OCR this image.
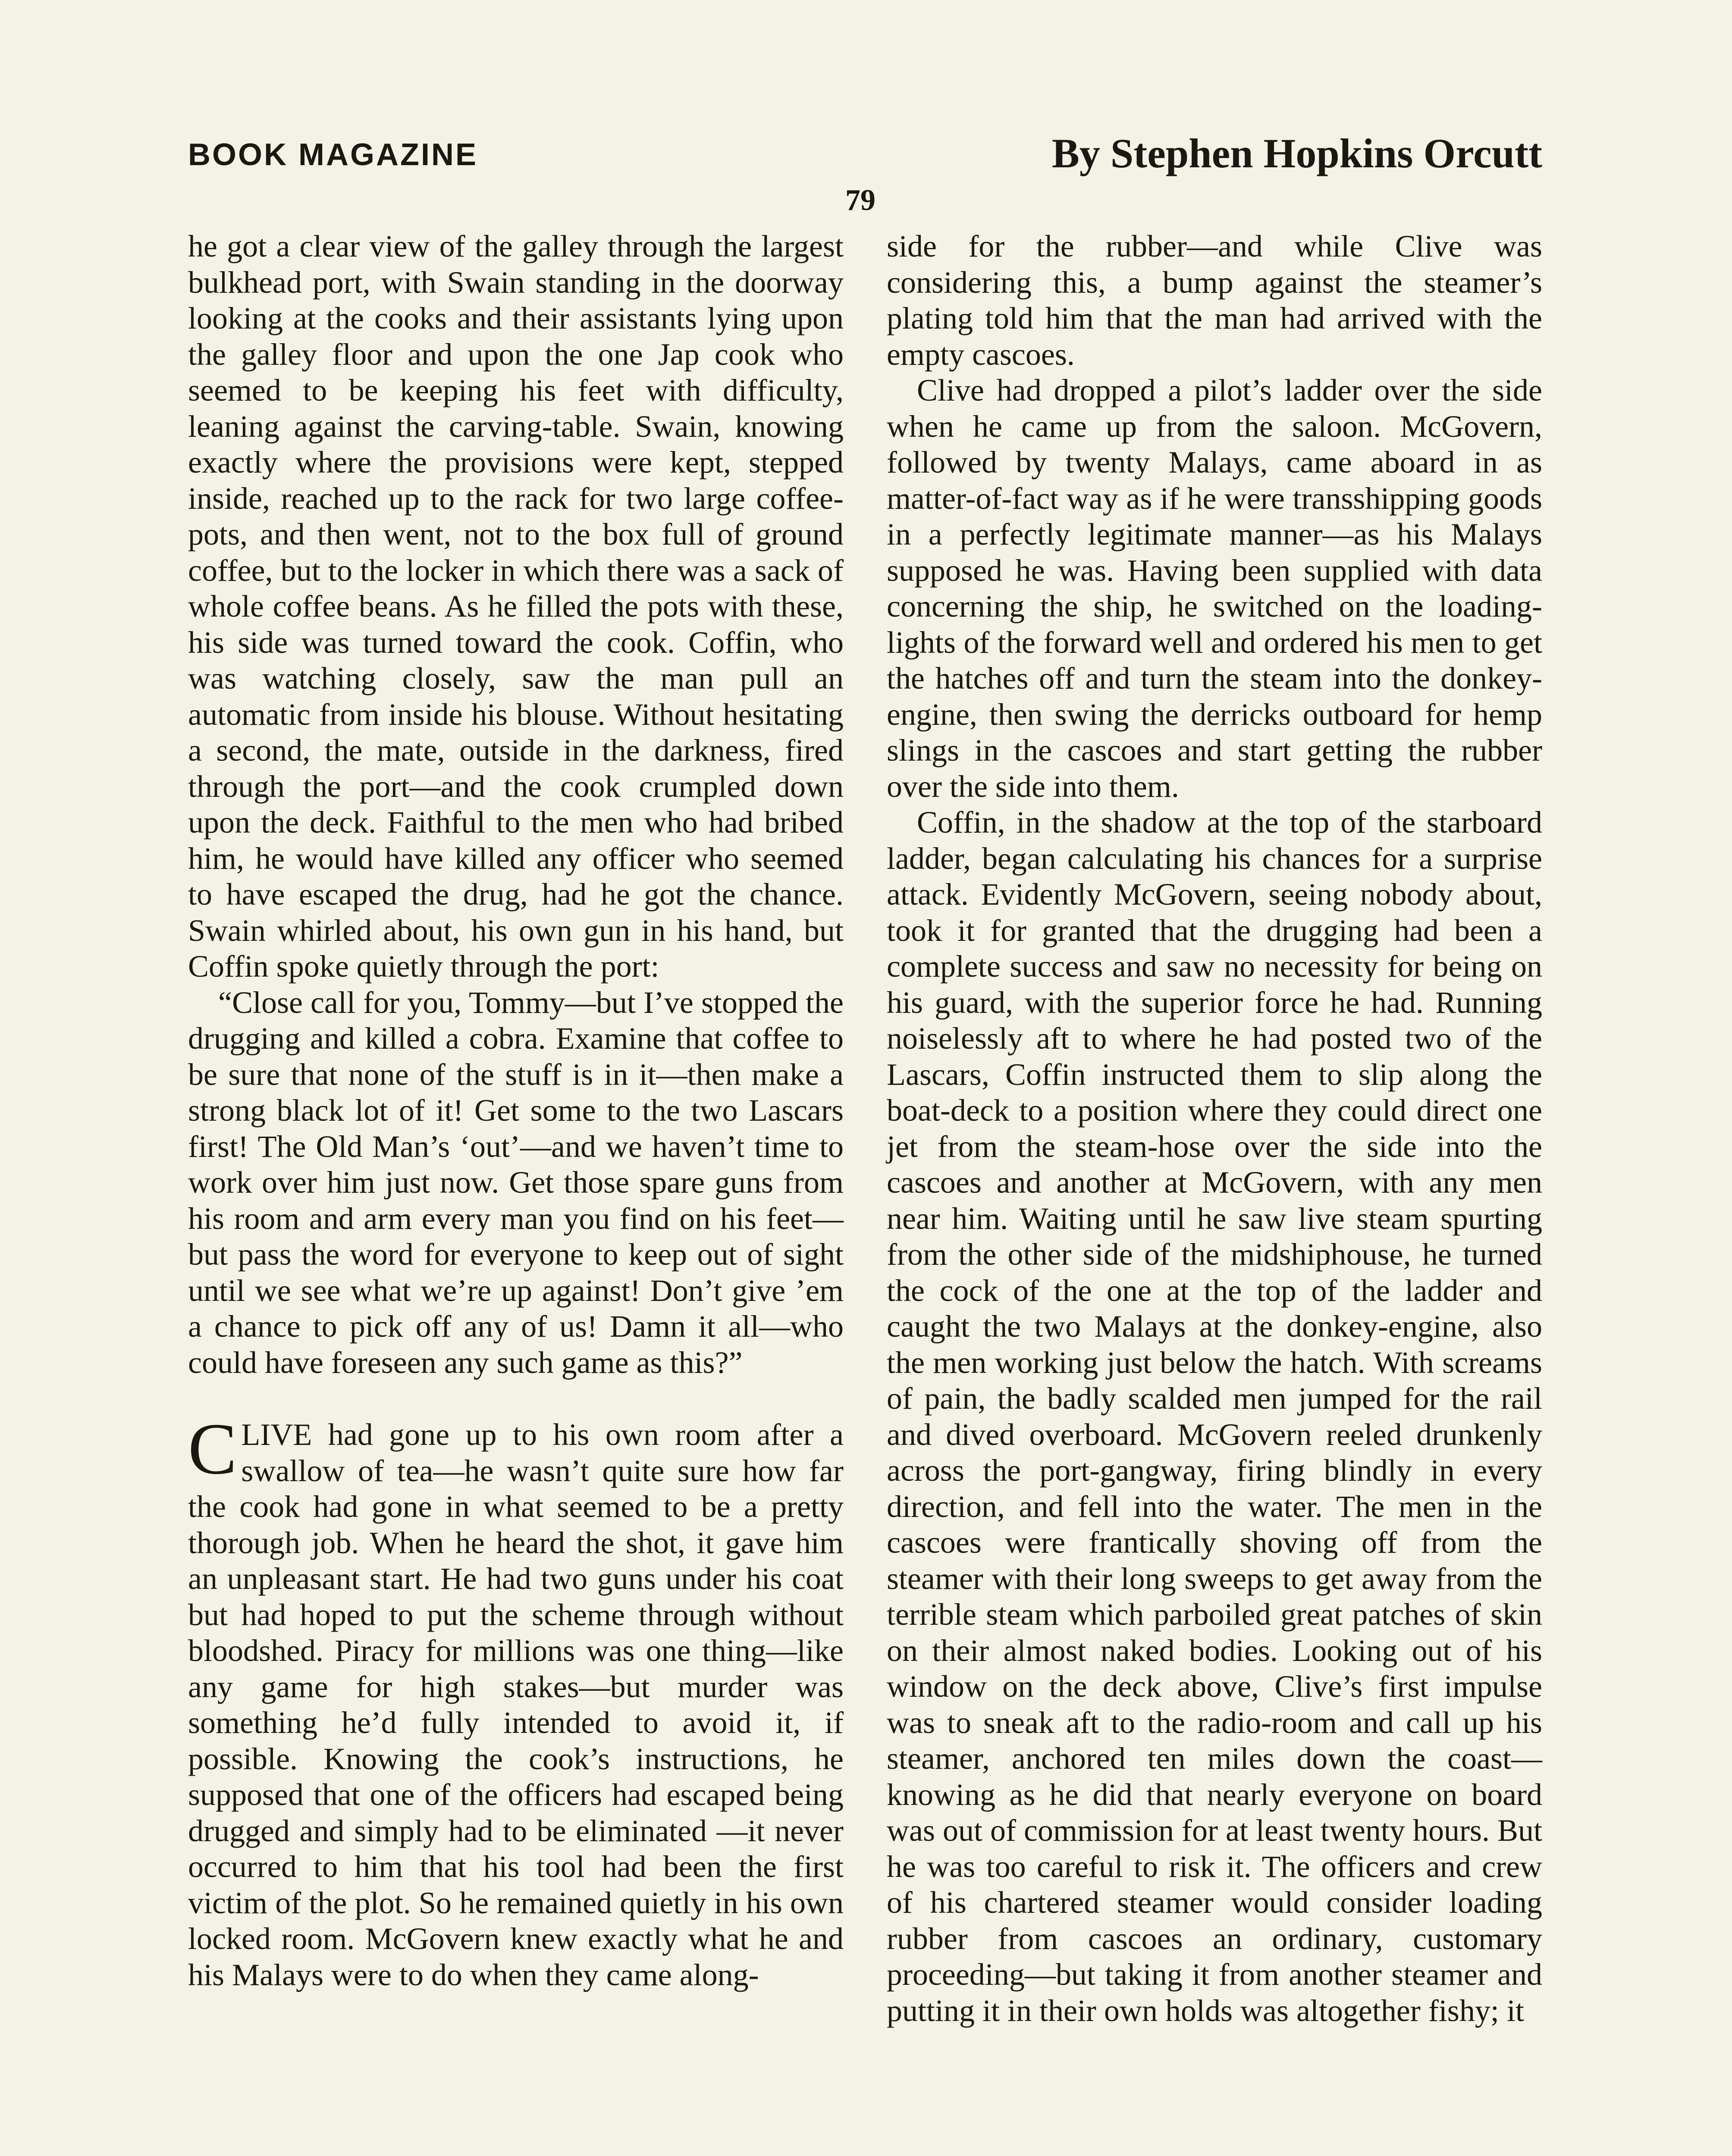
BOOK MAGAZINE	By Stephen Hopkins Orcutt
79

he got a clear view of the galley through the largest bulkhead port, with Swain standing in the doorway looking at the cooks and their assistants lying upon the galley floor and upon the one Jap cook who seemed to be keeping his feet with difficulty, leaning against the carving-table. Swain, knowing exactly where the provisions were kept, stepped inside, reached up to the rack for two large coffee-pots, and then went, not to the box full of ground coffee, but to the locker in which there was a sack of whole coffee beans. As he filled the pots with these, his side was turned toward the cook. Coffin, who was watching closely, saw the man pull an automatic from inside his blouse. Without hesitating a second, the mate, outside in the darkness, fired through the port—and the cook crumpled down upon the deck. Faithful to the men who had bribed him, he would have killed any officer who seemed to have escaped the drug, had he got the chance. Swain whirled about, his own gun in his hand, but Coffin spoke quietly through the port:

“Close call for you, Tommy—but I’ve stopped the drugging and killed a cobra. Examine that coffee to be sure that none of the stuff is in it—then make a strong black lot of it! Get some to the two Lascars first! The Old Man’s ‘out’—and we haven’t time to work over him just now. Get those spare guns from his room and arm every man you find on his feet—but pass the word for everyone to keep out of sight until we see what we’re up against! Don’t give ’em a chance to pick off any of us! Damn it all—who could have foreseen any such game as this?”

CLIVE had gone up to his own room after a swallow of tea—he wasn’t quite sure how far the cook had gone in what seemed to be a pretty thorough job. When he heard the shot, it gave him an unpleasant start. He had two guns under his coat but had hoped to put the scheme through without bloodshed. Piracy for millions was one thing—like any game for high stakes—but murder was something he’d fully intended to avoid it, if possible. Knowing the cook’s instructions, he supposed that one of the officers had escaped being drugged and simply had to be eliminated —it never occurred to him that his tool had been the first victim of the plot. So he remained quietly in his own locked room. McGovern knew exactly what he and his Malays were to do when they came along-

side for the rubber—and while Clive was considering this, a bump against the steamer’s plating told him that the man had arrived with the empty cascoes.

Clive had dropped a pilot’s ladder over the side when he came up from the saloon. McGovern, followed by twenty Malays, came aboard in as matter-of-fact way as if he were transshipping goods in a perfectly legitimate manner—as his Malays supposed he was. Having been supplied with data concerning the ship, he switched on the loading-lights of the forward well and ordered his men to get the hatches off and turn the steam into the donkey-engine, then swing the derricks outboard for hemp slings in the cascoes and start getting the rubber over the side into them.

Coffin, in the shadow at the top of the starboard ladder, began calculating his chances for a surprise attack. Evidently McGovern, seeing nobody about, took it for granted that the drugging had been a complete success and saw no necessity for being on his guard, with the superior force he had. Running noiselessly aft to where he had posted two of the Lascars, Coffin instructed them to slip along the boat-deck to a position where they could direct one jet from the steam-hose over the side into the cascoes and another at McGovern, with any men near him. Waiting until he saw live steam spurting from the other side of the midshiphouse, he turned the cock of the one at the top of the ladder and caught the two Malays at the donkey-engine, also the men working just below the hatch. With screams of pain, the badly scalded men jumped for the rail and dived overboard. McGovern reeled drunkenly across the port-gangway, firing blindly in every direction, and fell into the water. The men in the cascoes were frantically shoving off from the steamer with their long sweeps to get away from the terrible steam which parboiled great patches of skin on their almost naked bodies. Looking out of his window on the deck above, Clive’s first impulse was to sneak aft to the radio-room and call up his steamer, anchored ten miles down the coast—knowing as he did that nearly everyone on board was out of commission for at least twenty hours. But he was too careful to risk it. The officers and crew of his chartered steamer would consider loading rubber from cascoes an ordinary, customary proceeding—but taking it from another steamer and putting it in their own holds was altogether fishy; it
